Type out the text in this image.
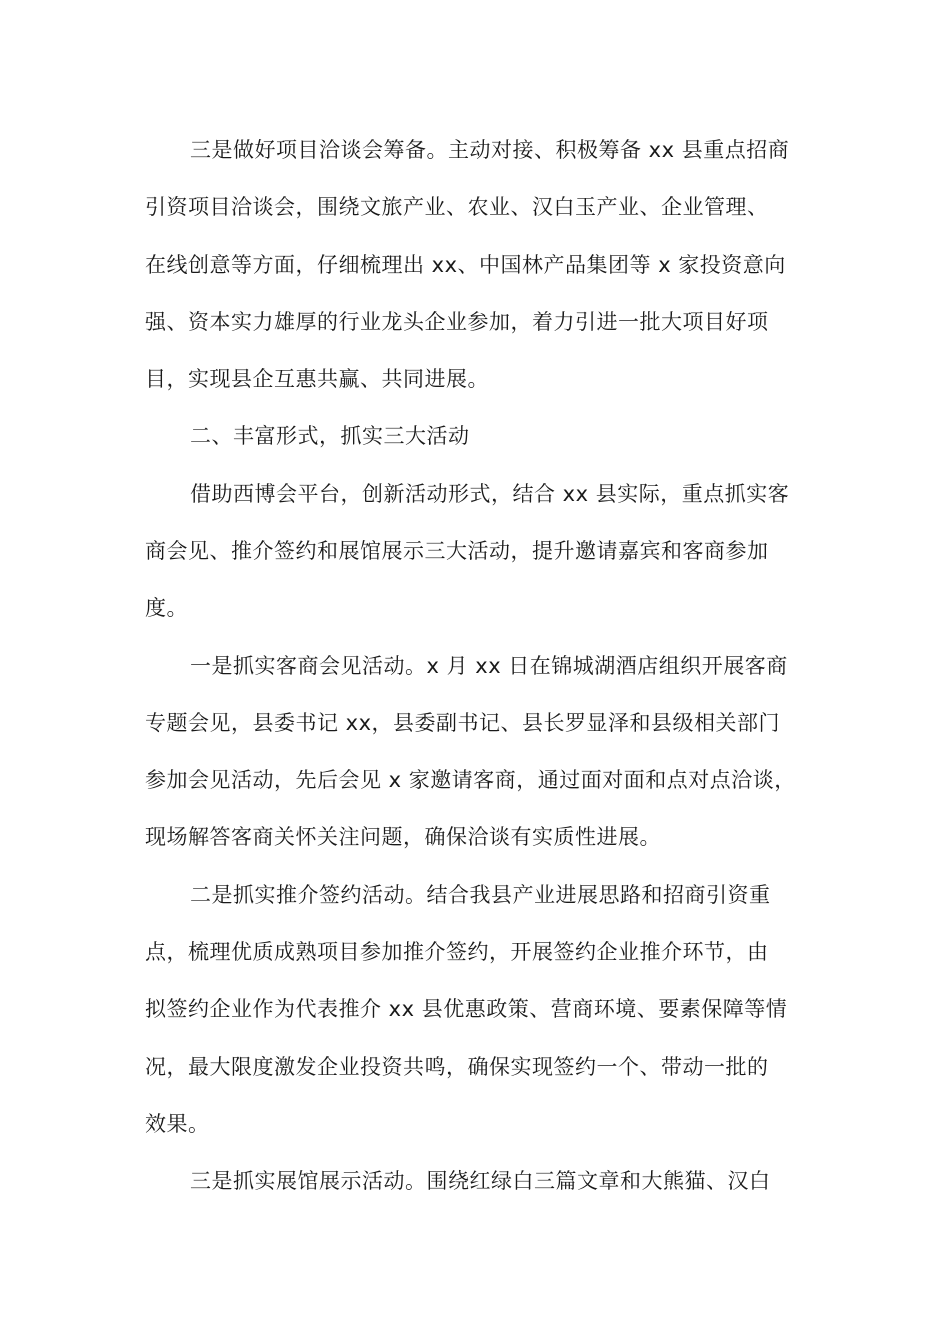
三是做好项目洽谈会筹备。主动对接、积极筹备 xx 县重点招商
引资项目洽谈会，围绕文旅产业、农业、汉白玉产业、企业管理、
在线创意等方面，仔细梳理出 xx、中国林产品集团等 x 家投资意向
强、资本实力雄厚的行业龙头企业参加，着力引进一批大项目好项
目，实现县企互惠共赢、共同进展。
二、丰富形式，抓实三大活动
借助西博会平台，创新活动形式，结合 xx 县实际，重点抓实客
商会见、推介签约和展馆展示三大活动，提升邀请嘉宾和客商参加
度。
一是抓实客商会见活动。x 月 xx 日在锦城湖酒店组织开展客商
专题会见，县委书记 xx，县委副书记、县长罗显泽和县级相关部门
参加会见活动，先后会见 x 家邀请客商，通过面对面和点对点洽谈，
现场解答客商关怀关注问题，确保洽谈有实质性进展。
二是抓实推介签约活动。结合我县产业进展思路和招商引资重
点，梳理优质成熟项目参加推介签约，开展签约企业推介环节，由
拟签约企业作为代表推介 xx 县优惠政策、营商环境、要素保障等情
况，最大限度激发企业投资共鸣，确保实现签约一个、带动一批的
效果。
三是抓实展馆展示活动。围绕红绿白三篇文章和大熊猫、汉白
